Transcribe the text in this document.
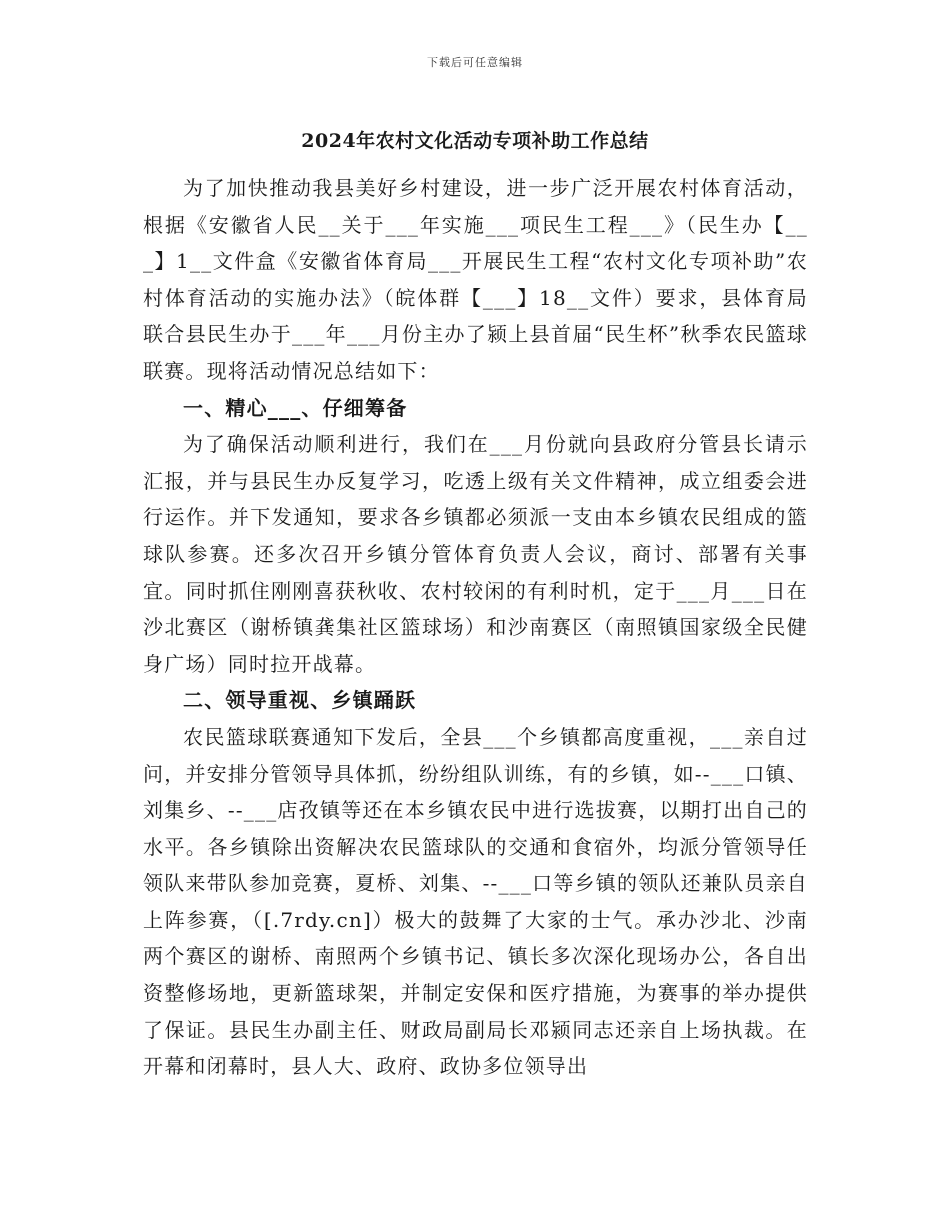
下载后可任意编辑
2024年农村文化活动专项补助工作总结

为了加快推动我县美好乡村建设，进一步广泛开展农村体育活动，根据《安徽省人民__关于___年实施___项民生工程___》（民生办【___】1__文件盒《安徽省体育局___开展民生工程“农村文化专项补助”农村体育活动的实施办法》（皖体群【___】18__文件）要求，县体育局联合县民生办于___年___月份主办了颍上县首届“民生杯”秋季农民篮球联赛。现将活动情况总结如下：

一、精心___、仔细筹备

为了确保活动顺利进行，我们在___月份就向县政府分管县长请示汇报，并与县民生办反复学习，吃透上级有关文件精神，成立组委会进行运作。并下发通知，要求各乡镇都必须派一支由本乡镇农民组成的篮球队参赛。还多次召开乡镇分管体育负责人会议，商讨、部署有关事宜。同时抓住刚刚喜获秋收、农村较闲的有利时机，定于___月___日在沙北赛区（谢桥镇龚集社区篮球场）和沙南赛区（南照镇国家级全民健身广场）同时拉开战幕。

二、领导重视、乡镇踊跃

农民篮球联赛通知下发后，全县___个乡镇都高度重视，___亲自过问，并安排分管领导具体抓，纷纷组队训练，有的乡镇，如--___口镇、刘集乡、--___店孜镇等还在本乡镇农民中进行选拔赛，以期打出自己的水平。各乡镇除出资解决农民篮球队的交通和食宿外，均派分管领导任领队来带队参加竞赛，夏桥、刘集、--___口等乡镇的领队还兼队员亲自上阵参赛，（[.7rdy.cn]）极大的鼓舞了大家的士气。承办沙北、沙南两个赛区的谢桥、南照两个乡镇书记、镇长多次深化现场办公，各自出资整修场地，更新篮球架，并制定安保和医疗措施，为赛事的举办提供了保证。县民生办副主任、财政局副局长邓颍同志还亲自上场执裁。在开幕和闭幕时，县人大、政府、政协多位领导出
